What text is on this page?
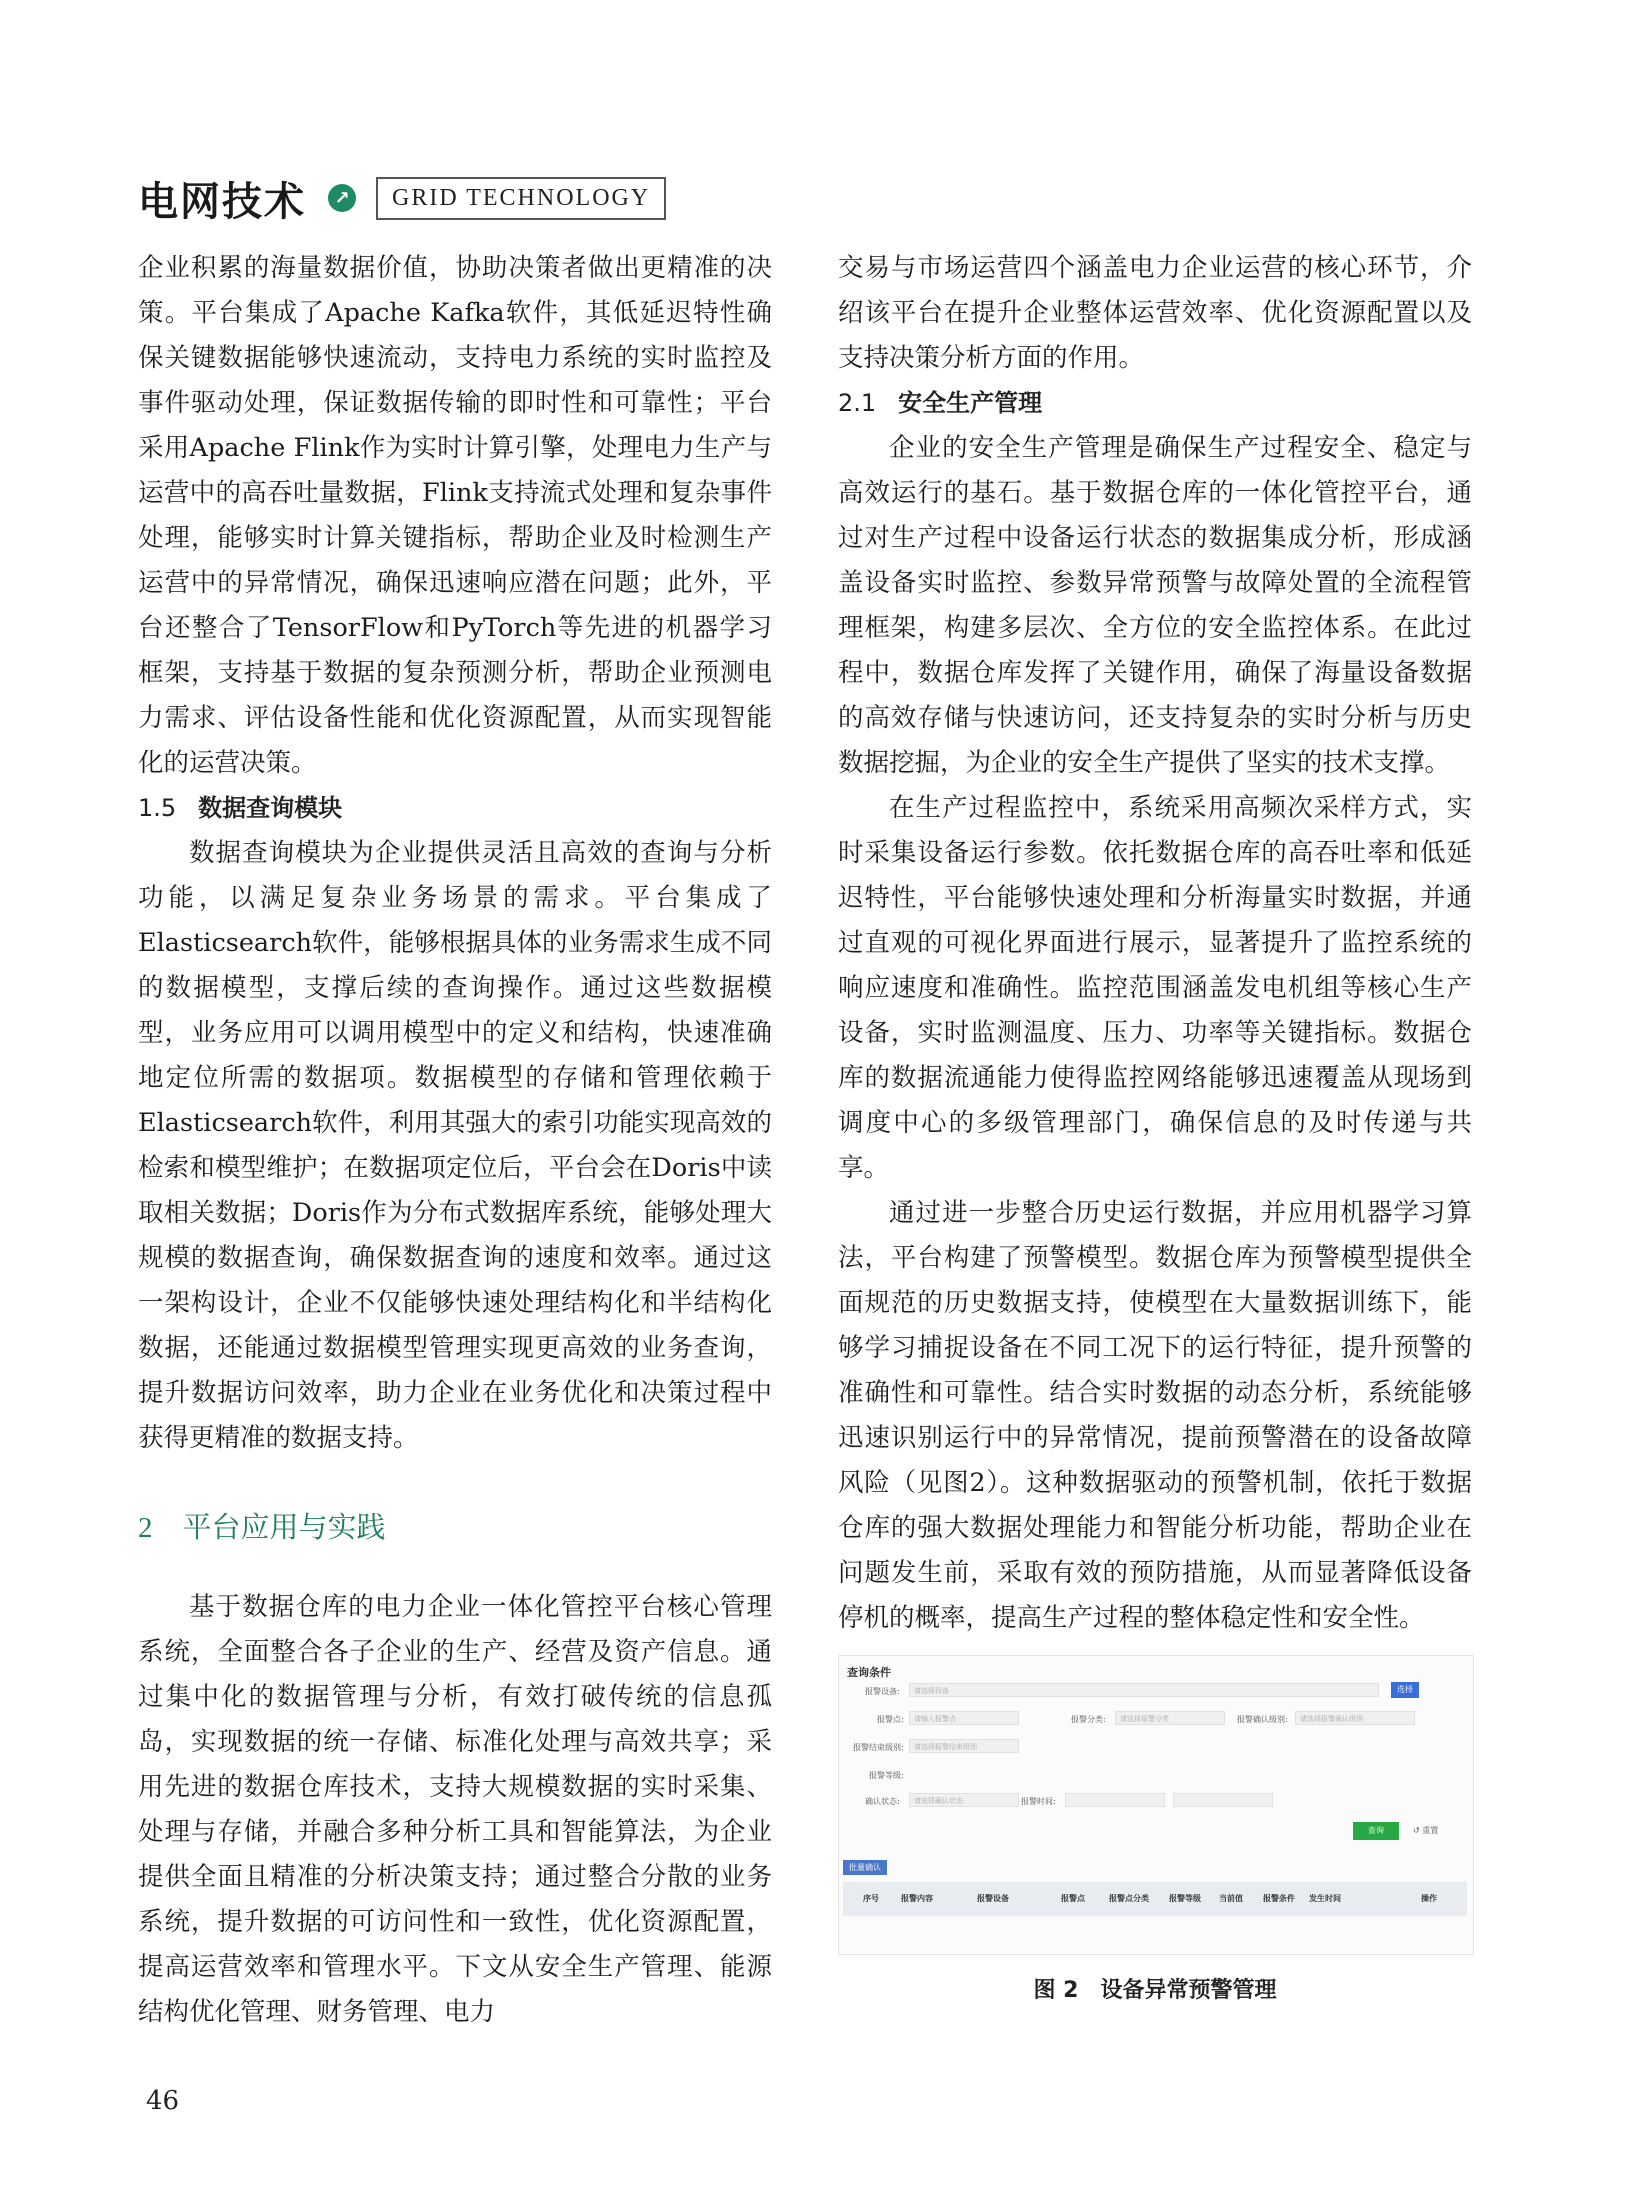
电网技术	↗	GRID TECHNOLOGY

企业积累的海量数据价值，协助决策者做出更精准的决策。平台集成了Apache Kafka软件，其低延迟特性确保关键数据能够快速流动，支持电力系统的实时监控及事件驱动处理，保证数据传输的即时性和可靠性；平台采用Apache Flink作为实时计算引擎，处理电力生产与运营中的高吞吐量数据，Flink支持流式处理和复杂事件处理，能够实时计算关键指标，帮助企业及时检测生产运营中的异常情况，确保迅速响应潜在问题；此外，平台还整合了TensorFlow和PyTorch等先进的机器学习框架，支持基于数据的复杂预测分析，帮助企业预测电力需求、评估设备性能和优化资源配置，从而实现智能化的运营决策。

1.5 数据查询模块

数据查询模块为企业提供灵活且高效的查询与分析功能，以满足复杂业务场景的需求。平台集成了Elasticsearch软件，能够根据具体的业务需求生成不同的数据模型，支撑后续的查询操作。通过这些数据模型，业务应用可以调用模型中的定义和结构，快速准确地定位所需的数据项。数据模型的存储和管理依赖于Elasticsearch软件，利用其强大的索引功能实现高效的检索和模型维护；在数据项定位后，平台会在Doris中读取相关数据；Doris作为分布式数据库系统，能够处理大规模的数据查询，确保数据查询的速度和效率。通过这一架构设计，企业不仅能够快速处理结构化和半结构化数据，还能通过数据模型管理实现更高效的业务查询，提升数据访问效率，助力企业在业务优化和决策过程中获得更精准的数据支持。

2 平台应用与实践

基于数据仓库的电力企业一体化管控平台核心管理系统，全面整合各子企业的生产、经营及资产信息。通过集中化的数据管理与分析，有效打破传统的信息孤岛，实现数据的统一存储、标准化处理与高效共享；采用先进的数据仓库技术，支持大规模数据的实时采集、处理与存储，并融合多种分析工具和智能算法，为企业提供全面且精准的分析决策支持；通过整合分散的业务系统，提升数据的可访问性和一致性，优化资源配置，提高运营效率和管理水平。下文从安全生产管理、能源结构优化管理、财务管理、电力

交易与市场运营四个涵盖电力企业运营的核心环节，介绍该平台在提升企业整体运营效率、优化资源配置以及支持决策分析方面的作用。

2.1 安全生产管理

企业的安全生产管理是确保生产过程安全、稳定与高效运行的基石。基于数据仓库的一体化管控平台，通过对生产过程中设备运行状态的数据集成分析，形成涵盖设备实时监控、参数异常预警与故障处置的全流程管理框架，构建多层次、全方位的安全监控体系。在此过程中，数据仓库发挥了关键作用，确保了海量设备数据的高效存储与快速访问，还支持复杂的实时分析与历史数据挖掘，为企业的安全生产提供了坚实的技术支撑。

在生产过程监控中，系统采用高频次采样方式，实时采集设备运行参数。依托数据仓库的高吞吐率和低延迟特性，平台能够快速处理和分析海量实时数据，并通过直观的可视化界面进行展示，显著提升了监控系统的响应速度和准确性。监控范围涵盖发电机组等核心生产设备，实时监测温度、压力、功率等关键指标。数据仓库的数据流通能力使得监控网络能够迅速覆盖从现场到调度中心的多级管理部门，确保信息的及时传递与共享。

通过进一步整合历史运行数据，并应用机器学习算法，平台构建了预警模型。数据仓库为预警模型提供全面规范的历史数据支持，使模型在大量数据训练下，能够学习捕捉设备在不同工况下的运行特征，提升预警的准确性和可靠性。结合实时数据的动态分析，系统能够迅速识别运行中的异常情况，提前预警潜在的设备故障风险（见图2）。这种数据驱动的预警机制，依托于数据仓库的强大数据处理能力和智能分析功能，帮助企业在问题发生前，采取有效的预防措施，从而显著降低设备停机的概率，提高生产过程的整体稳定性和安全性。

查询条件
报警设备:	请选择设备	选择
报警点:	请输入报警点	报警分类:	请选择报警分类	报警确认级别:	请选择报警确认级别
报警结束级别:	请选择报警结束级别
报警等级:
确认状态:	请选择确认状态	报警时间:
查询	↺ 重置
批量确认
序号	报警内容	报警设备	报警点	报警点分类	报警等级 当前值	报警条件 发生时间	操作
图 2　设备异常预警管理
46
